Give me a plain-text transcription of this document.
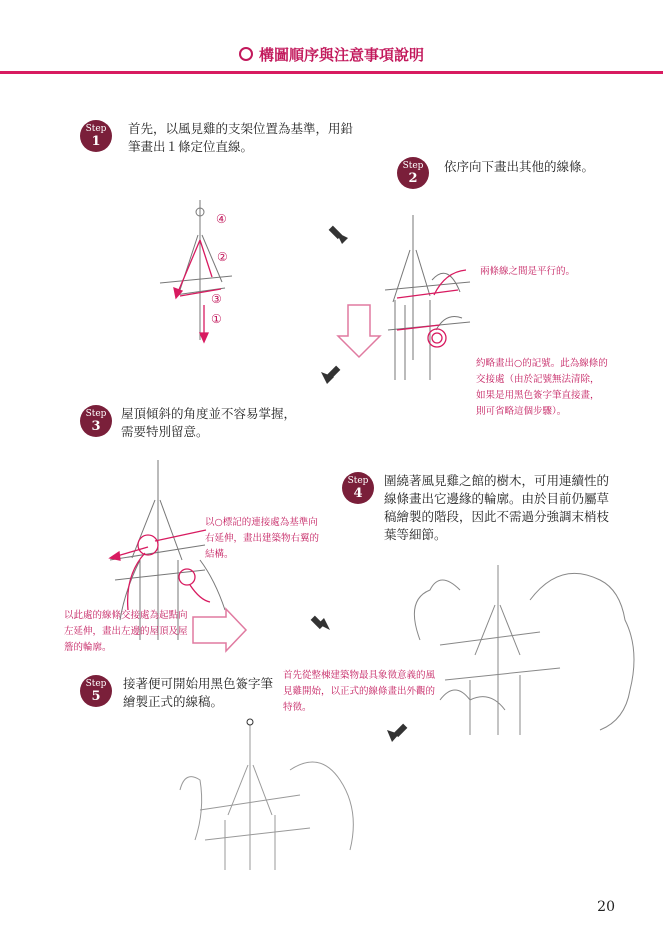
構圖順序與注意事項說明
Step
1
首先，以風見雞的支架位置為基準，用鉛筆畫出１條定位直線。
④
②
③
①
Step
2
依序向下畫出其他的線條。
兩條線之間是平行的。
約略畫出○的記號。此為線條的交接處（由於記號無法清除，如果是用黑色簽字筆直接畫，則可省略這個步驟）。
Step
3
屋頂傾斜的角度並不容易掌握，需要特別留意。
以○標記的連接處為基準向右延伸，畫出建築物右翼的結構。
以此處的線條交接處為起點向左延伸，畫出左邊的屋頂及屋簷的輪廓。
Step
4
圍繞著風見雞之館的樹木，可用連續性的線條畫出它邊緣的輪廓。由於目前仍屬草稿繪製的階段，因此不需過分強調末梢枝葉等細節。
Step
5
接著便可開始用黑色簽字筆繪製正式的線稿。
首先從整棟建築物最具象徵意義的風見雞開始，以正式的線條畫出外觀的特徵。
20
